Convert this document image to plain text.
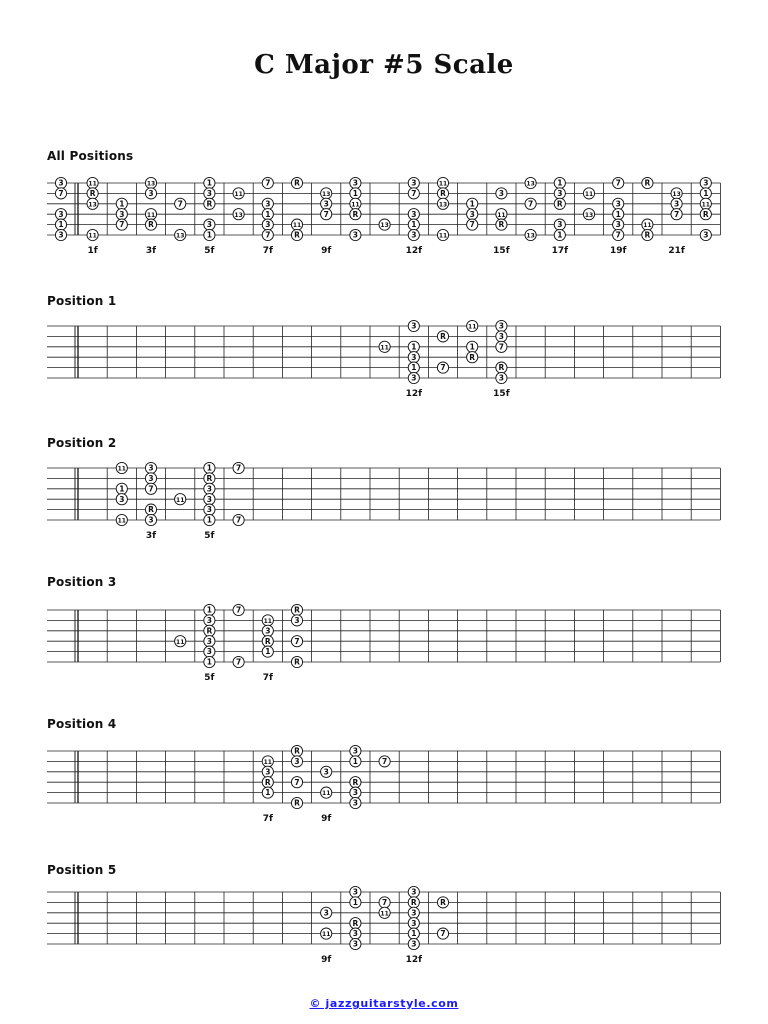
C Major #5 Scale
All Positions
3	11	13	1	7	R	3	3	11	13	1	7	R	3
7	R	3	3	11	13	1	7	R	3	3	11	13	1
13	1	7	R	3	3	11	13	1	7	R	3	3	11
3	3	11	13	1	7	R	3	3	11	13	1	7	R
1	7	R	3	3	11	13	1	7	R	3	3	11
3	11	13	1	7	R	3	3	11	13	1	7	R	3
1f	3f	5f	7f	9f	12f	15f	17f	19f	21f
Position 1
3	11	3
R	3
11	1	1	7
3	R
1	7	R
3	3
12f	15f
Position 2
11	3	1	7
3	R
1	7	3
3	11	3
R	3
11	3	1	7
3f	5f
Position 3
1	7	R
3	11	3
R	3
11	3	R	7
3	1
1	7	R
5f	7f
Position 4
R	3
11	3	1	7
3	3
R	7	R
1	11	3
R	3
7f	9f
Position 5
3	3
1	7	R	R
3	11	3
R	3
11	3	1	7
3	3
9f	12f
© jazzguitarstyle.com
